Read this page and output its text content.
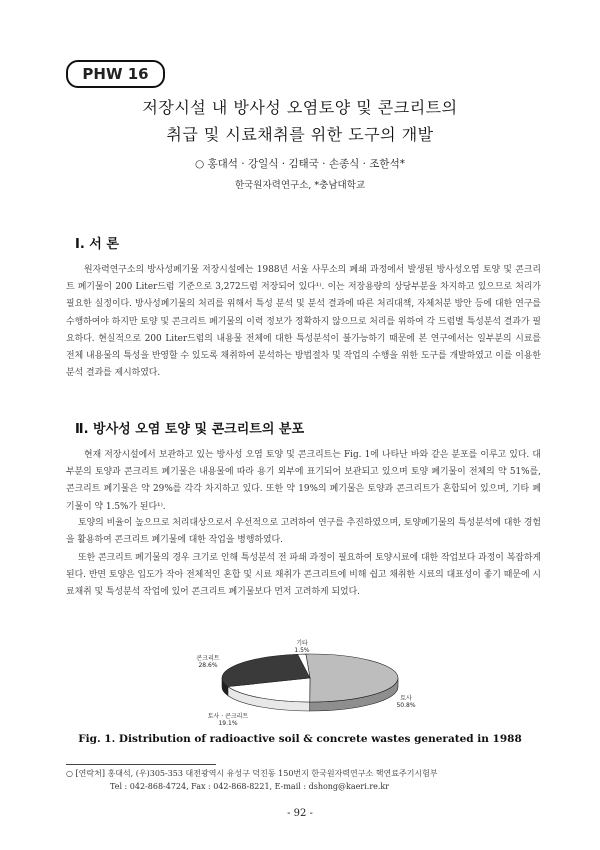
PHW 16
저장시설 내 방사성 오염토양 및 콘크리트의
취급 및 시료채취를 위한 도구의 개발
○ 홍대석 · 강일식 · 김태국 · 손종식 · 조한석*
한국원자력연구소, *충남대학교
Ⅰ. 서 론

원자력연구소의 방사성폐기물 저장시설에는 1988년 서울 사무소의 폐쇄 과정에서 발생된 방사성오염 토양 및 콘크리트 폐기물이 200 Liter드럼 기준으로 3,272드럼 저장되어 있다¹⁾. 이는 저장용량의 상당부분을 차지하고 있으므로 처리가 필요한 실정이다. 방사성폐기물의 처리를 위해서 특성 분석 및 분석 결과에 따른 처리대책, 자체처분 방안 등에 대한 연구를 수행하여야 하지만 토양 및 콘크리트 폐기물의 이력 정보가 정확하지 않으므로 처리를 위하여 각 드럼별 특성분석 결과가 필요하다. 현실적으로 200 Liter드럼의 내용물 전체에 대한 특성분석이 불가능하기 때문에 본 연구에서는 일부분의 시료를 전체 내용물의 특성을 반영할 수 있도록 채취하여 분석하는 방법절차 및 작업의 수행을 위한 도구를 개발하였고 이를 이용한 분석 결과를 제시하였다.

Ⅱ. 방사성 오염 토양 및 콘크리트의 분포

현재 저장시설에서 보관하고 있는 방사성 오염 토양 및 콘크리트는 Fig. 1에 나타난 바와 같은 분포를 이루고 있다. 대부분의 토양과 콘크리트 폐기물은 내용물에 따라 용기 외부에 표기되어 보관되고 있으며 토양 폐기물이 전체의 약 51%를, 콘크리트 폐기물은 약 29%를 각각 차지하고 있다. 또한 약 19%의 폐기물은 토양과 콘크리트가 혼합되어 있으며, 기타 폐기물이 약 1.5%가 된다¹⁾.

토양의 비율이 높으므로 처리대상으로서 우선적으로 고려하여 연구를 추진하였으며, 토양폐기물의 특성분석에 대한 경험을 활용하여 콘크리트 폐기물에 대한 작업을 병행하였다.

또한 콘크리트 폐기물의 경우 크기로 인해 특성분석 전 파쇄 과정이 필요하여 토양시료에 대한 작업보다 과정이 복잡하게 된다. 반면 토양은 입도가 작아 전체적인 혼합 및 시료 채취가 콘크리트에 비해 쉽고 채취한 시료의 대표성이 좋기 때문에 시료채취 및 특성분석 작업에 있어 콘크리트 폐기물보다 먼저 고려하게 되었다.

토사
50.8%
토사 · 콘크리트
19.1%
콘크리트
28.6%
기타
1.5%
Fig. 1. Distribution of radioactive soil & concrete wastes generated in 1988
○ [연락처] 홍대석, (우)305-353 대전광역시 유성구 덕진동 150번지 한국원자력연구소 핵연료주기시험부
Tel : 042-868-4724, Fax : 042-868-8221, E-mail : dshong@kaeri.re.kr
- 92 -
